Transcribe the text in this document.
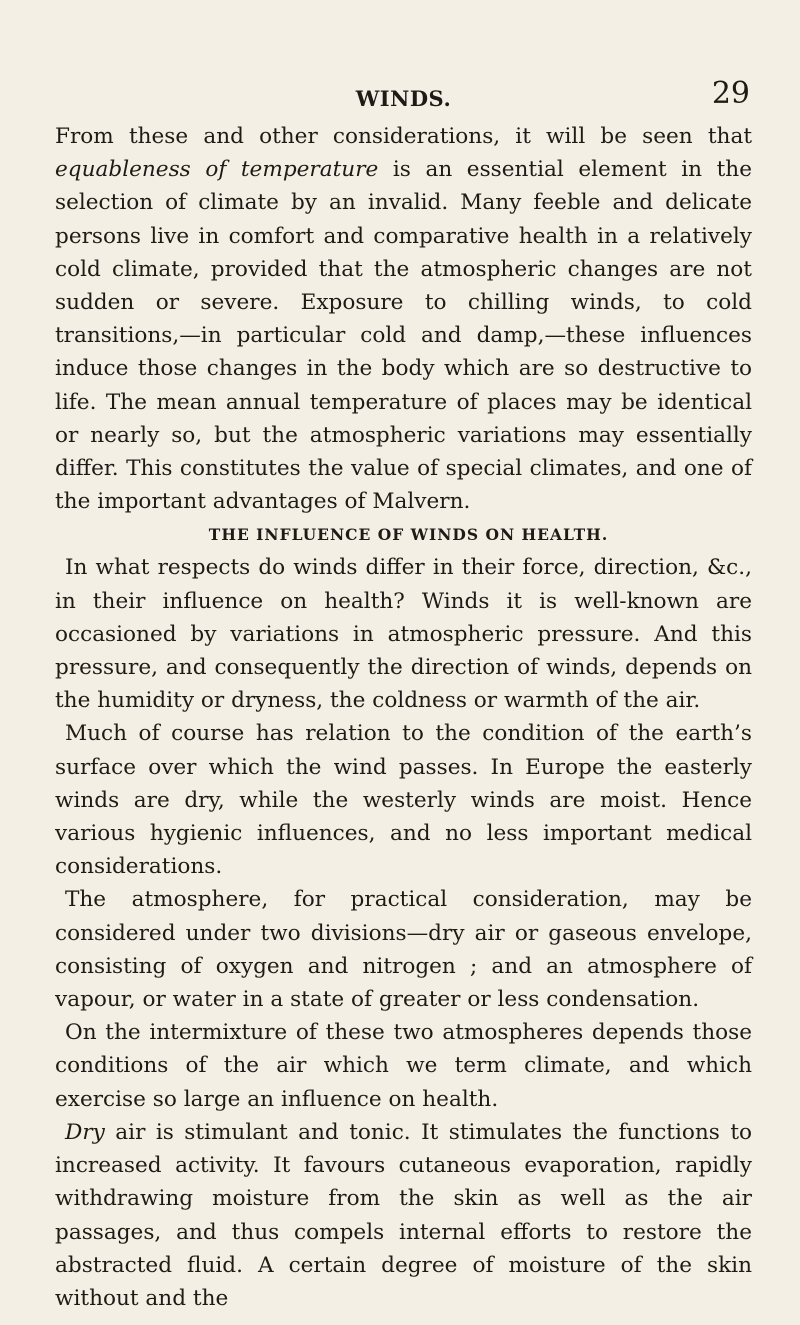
WINDS.	29

From these and other considerations, it will be seen that equableness of temperature is an essential element in the selection of climate by an invalid. Many feeble and delicate persons live in comfort and comparative health in a relatively cold climate, provided that the atmospheric changes are not sudden or severe. Exposure to chilling winds, to cold transitions,—in particular cold and damp,—these influences induce those changes in the body which are so destructive to life. The mean annual temperature of places may be identical or nearly so, but the atmospheric variations may essentially differ. This constitutes the value of special climates, and one of the important advantages of Malvern.

THE INFLUENCE OF WINDS ON HEALTH.

In what respects do winds differ in their force, direction, &c., in their influence on health? Winds it is well-known are occasioned by variations in atmospheric pressure. And this pressure, and consequently the direction of winds, depends on the humidity or dryness, the coldness or warmth of the air.

Much of course has relation to the condition of the earth’s surface over which the wind passes. In Europe the easterly winds are dry, while the westerly winds are moist. Hence various hygienic influences, and no less important medical considerations.

The atmosphere, for practical consideration, may be considered under two divisions—dry air or gaseous envelope, consisting of oxygen and nitrogen ; and an atmosphere of vapour, or water in a state of greater or less condensation.

On the intermixture of these two atmospheres depends those conditions of the air which we term climate, and which exercise so large an influence on health.

Dry air is stimulant and tonic. It stimulates the functions to increased activity. It favours cutaneous evaporation, rapidly withdrawing moisture from the skin as well as the air passages, and thus compels internal efforts to restore the abstracted fluid. A certain degree of moisture of the skin without and the
